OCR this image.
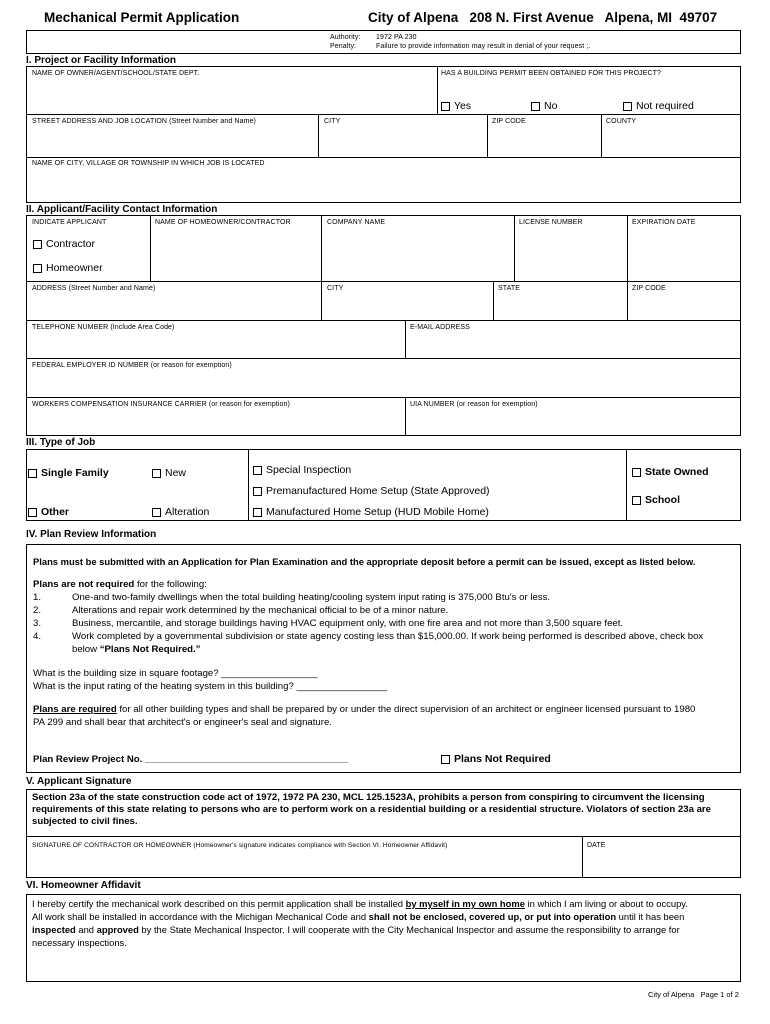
Mechanical Permit Application	City of Alpena   208 N. First Avenue   Alpena, MI  49707
Authority: 1972 PA 230
Penalty:	Failure to provide information may result in denial of your request ;.
I. Project or Facility Information
NAME OF OWNER/AGENT/SCHOOL/STATE DEPT.	HAS A BUILDING PERMIT BEEN OBTAINED FOR THIS PROJECT?
Yes	No	Not required
STREET ADDRESS AND JOB LOCATION (Street Number and Name)	CITY	ZIP CODE	COUNTY
NAME OF CITY, VILLAGE OR TOWNSHIP IN WHICH JOB IS LOCATED
II. Applicant/Facility Contact Information
INDICATE APPLICANT	NAME OF HOMEOWNER/CONTRACTOR	COMPANY NAME	LICENSE NUMBER	EXPIRATION DATE
Contractor
Homeowner
ADDRESS (Street Number and Name)	CITY	STATE	ZIP CODE
TELEPHONE NUMBER (Include Area Code)	E-MAIL ADDRESS
FEDERAL EMPLOYER ID NUMBER (or reason for exemption)
WORKERS COMPENSATION INSURANCE CARRIER (or reason for exemption)	UIA NUMBER (or reason for exemption)
III. Type of Job
Single Family	New	Special Inspection	State Owned
Premanufactured Home Setup (State Approved)
School
Other	Alteration	Manufactured Home Setup (HUD Mobile Home)
IV. Plan Review Information
Plans must be submitted with an Application for Plan Examination and the appropriate deposit before a permit can be issued, except as listed below.
Plans are not required for the following:
1.	One-and two-family dwellings when the total building heating/cooling system input rating is 375,000 Btu's or less.
2.	Alterations and repair work determined by the mechanical official to be of a minor nature.
3.	Business, mercantile, and storage buildings having HVAC equipment only, with one fire area and not more than 3,500 square feet.
4.	Work completed by a governmental subdivision or state agency costing less than $15,000.00. If work being performed is described above, check box
below “Plans Not Required.”
What is the building size in square footage? __________________
What is the input rating of the heating system in this building? _________________
Plans are required for all other building types and shall be prepared by or under the direct supervision of an architect or engineer licensed pursuant to 1980
PA 299 and shall bear that architect's or engineer's seal and signature.
Plan Review Project No. ______________________________________	Plans Not Required
V. Applicant Signature
Section 23a of the state construction code act of 1972, 1972 PA 230, MCL 125.1523A, prohibits a person from conspiring to circumvent the licensing requirements of this state relating to persons who are to perform work on a residential building or a residential structure. Violators of section 23a are subjected to civil fines.
SIGNATURE OF CONTRACTOR OR HOMEOWNER (Homeowner's signature indicates compliance with Section VI. Homeowner Affidavit)	DATE
VI. Homeowner Affidavit
I hereby certify the mechanical work described on this permit application shall be installed by myself in my own home in which I am living or about to occupy.
All work shall be installed in accordance with the Michigan Mechanical Code and shall not be enclosed, covered up, or put into operation until it has been
inspected and approved by the State Mechanical Inspector. I will cooperate with the City Mechanical Inspector and assume the responsibility to arrange for
necessary inspections.
City of Alpena   Page 1 of 2
